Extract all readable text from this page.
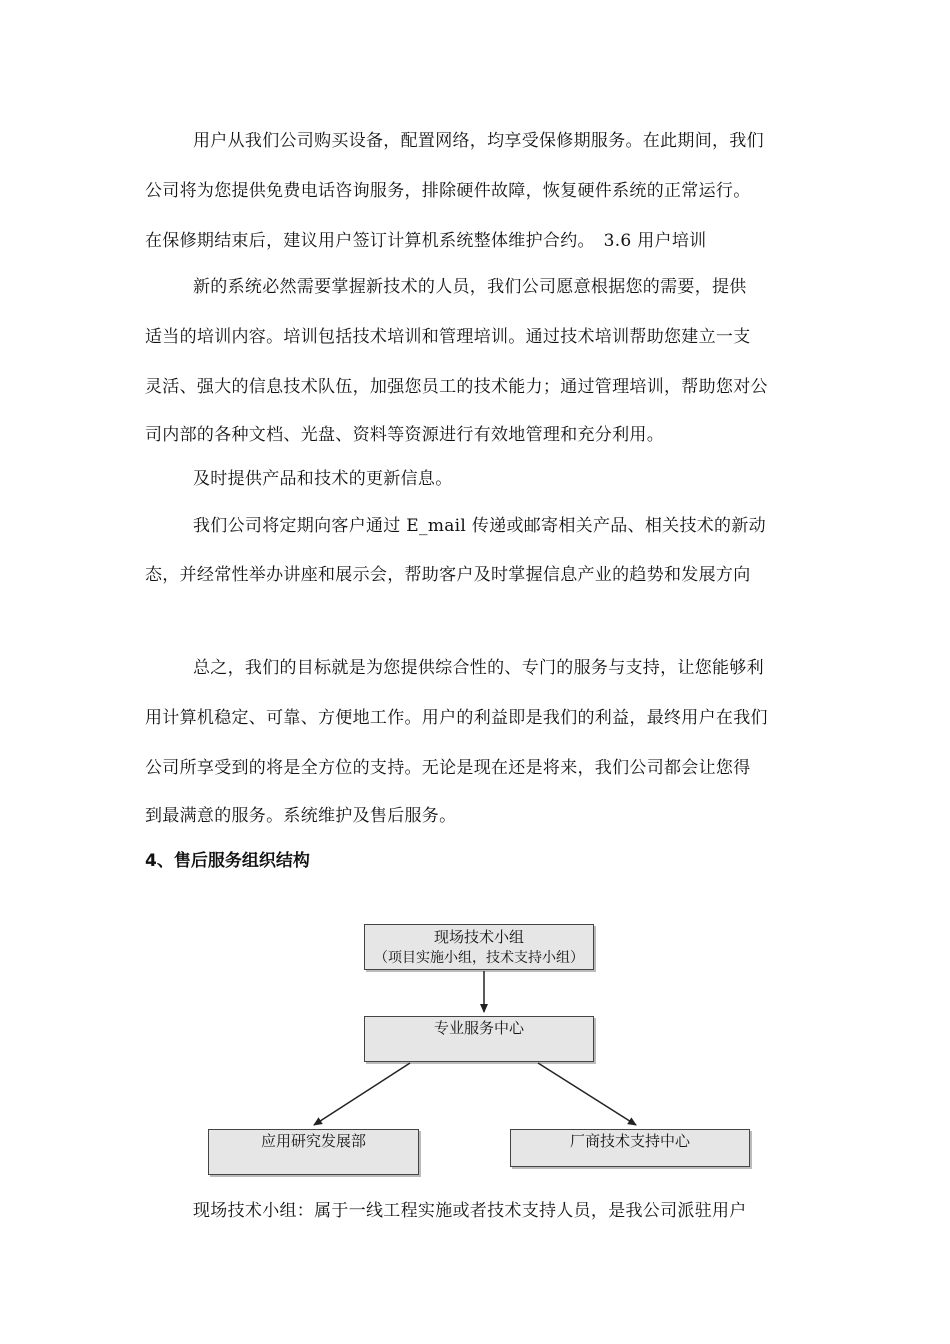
用户从我们公司购买设备，配置网络，均享受保修期服务。在此期间，我们
公司将为您提供免费电话咨询服务，排除硬件故障，恢复硬件系统的正常运行。
在保修期结束后，建议用户签订计算机系统整体维护合约。　3.6 用户培训
新的系统必然需要掌握新技术的人员，我们公司愿意根据您的需要，提供
适当的培训内容。培训包括技术培训和管理培训。通过技术培训帮助您建立一支
灵活、强大的信息技术队伍，加强您员工的技术能力；通过管理培训，帮助您对公
司内部的各种文档、光盘、资料等资源进行有效地管理和充分利用。
及时提供产品和技术的更新信息。
我们公司将定期向客户通过 E_mail 传递或邮寄相关产品、相关技术的新动
态，并经常性举办讲座和展示会，帮助客户及时掌握信息产业的趋势和发展方向
总之，我们的目标就是为您提供综合性的、专门的服务与支持，让您能够利
用计算机稳定、可靠、方便地工作。用户的利益即是我们的利益，最终用户在我们
公司所享受到的将是全方位的支持。无论是现在还是将来，我们公司都会让您得
到最满意的服务。系统维护及售后服务。
4、售后服务组织结构
现场技术小组
（项目实施小组，技术支持小组）
专业服务中心
应用研究发展部	厂商技术支持中心
现场技术小组：属于一线工程实施或者技术支持人员，是我公司派驻用户
